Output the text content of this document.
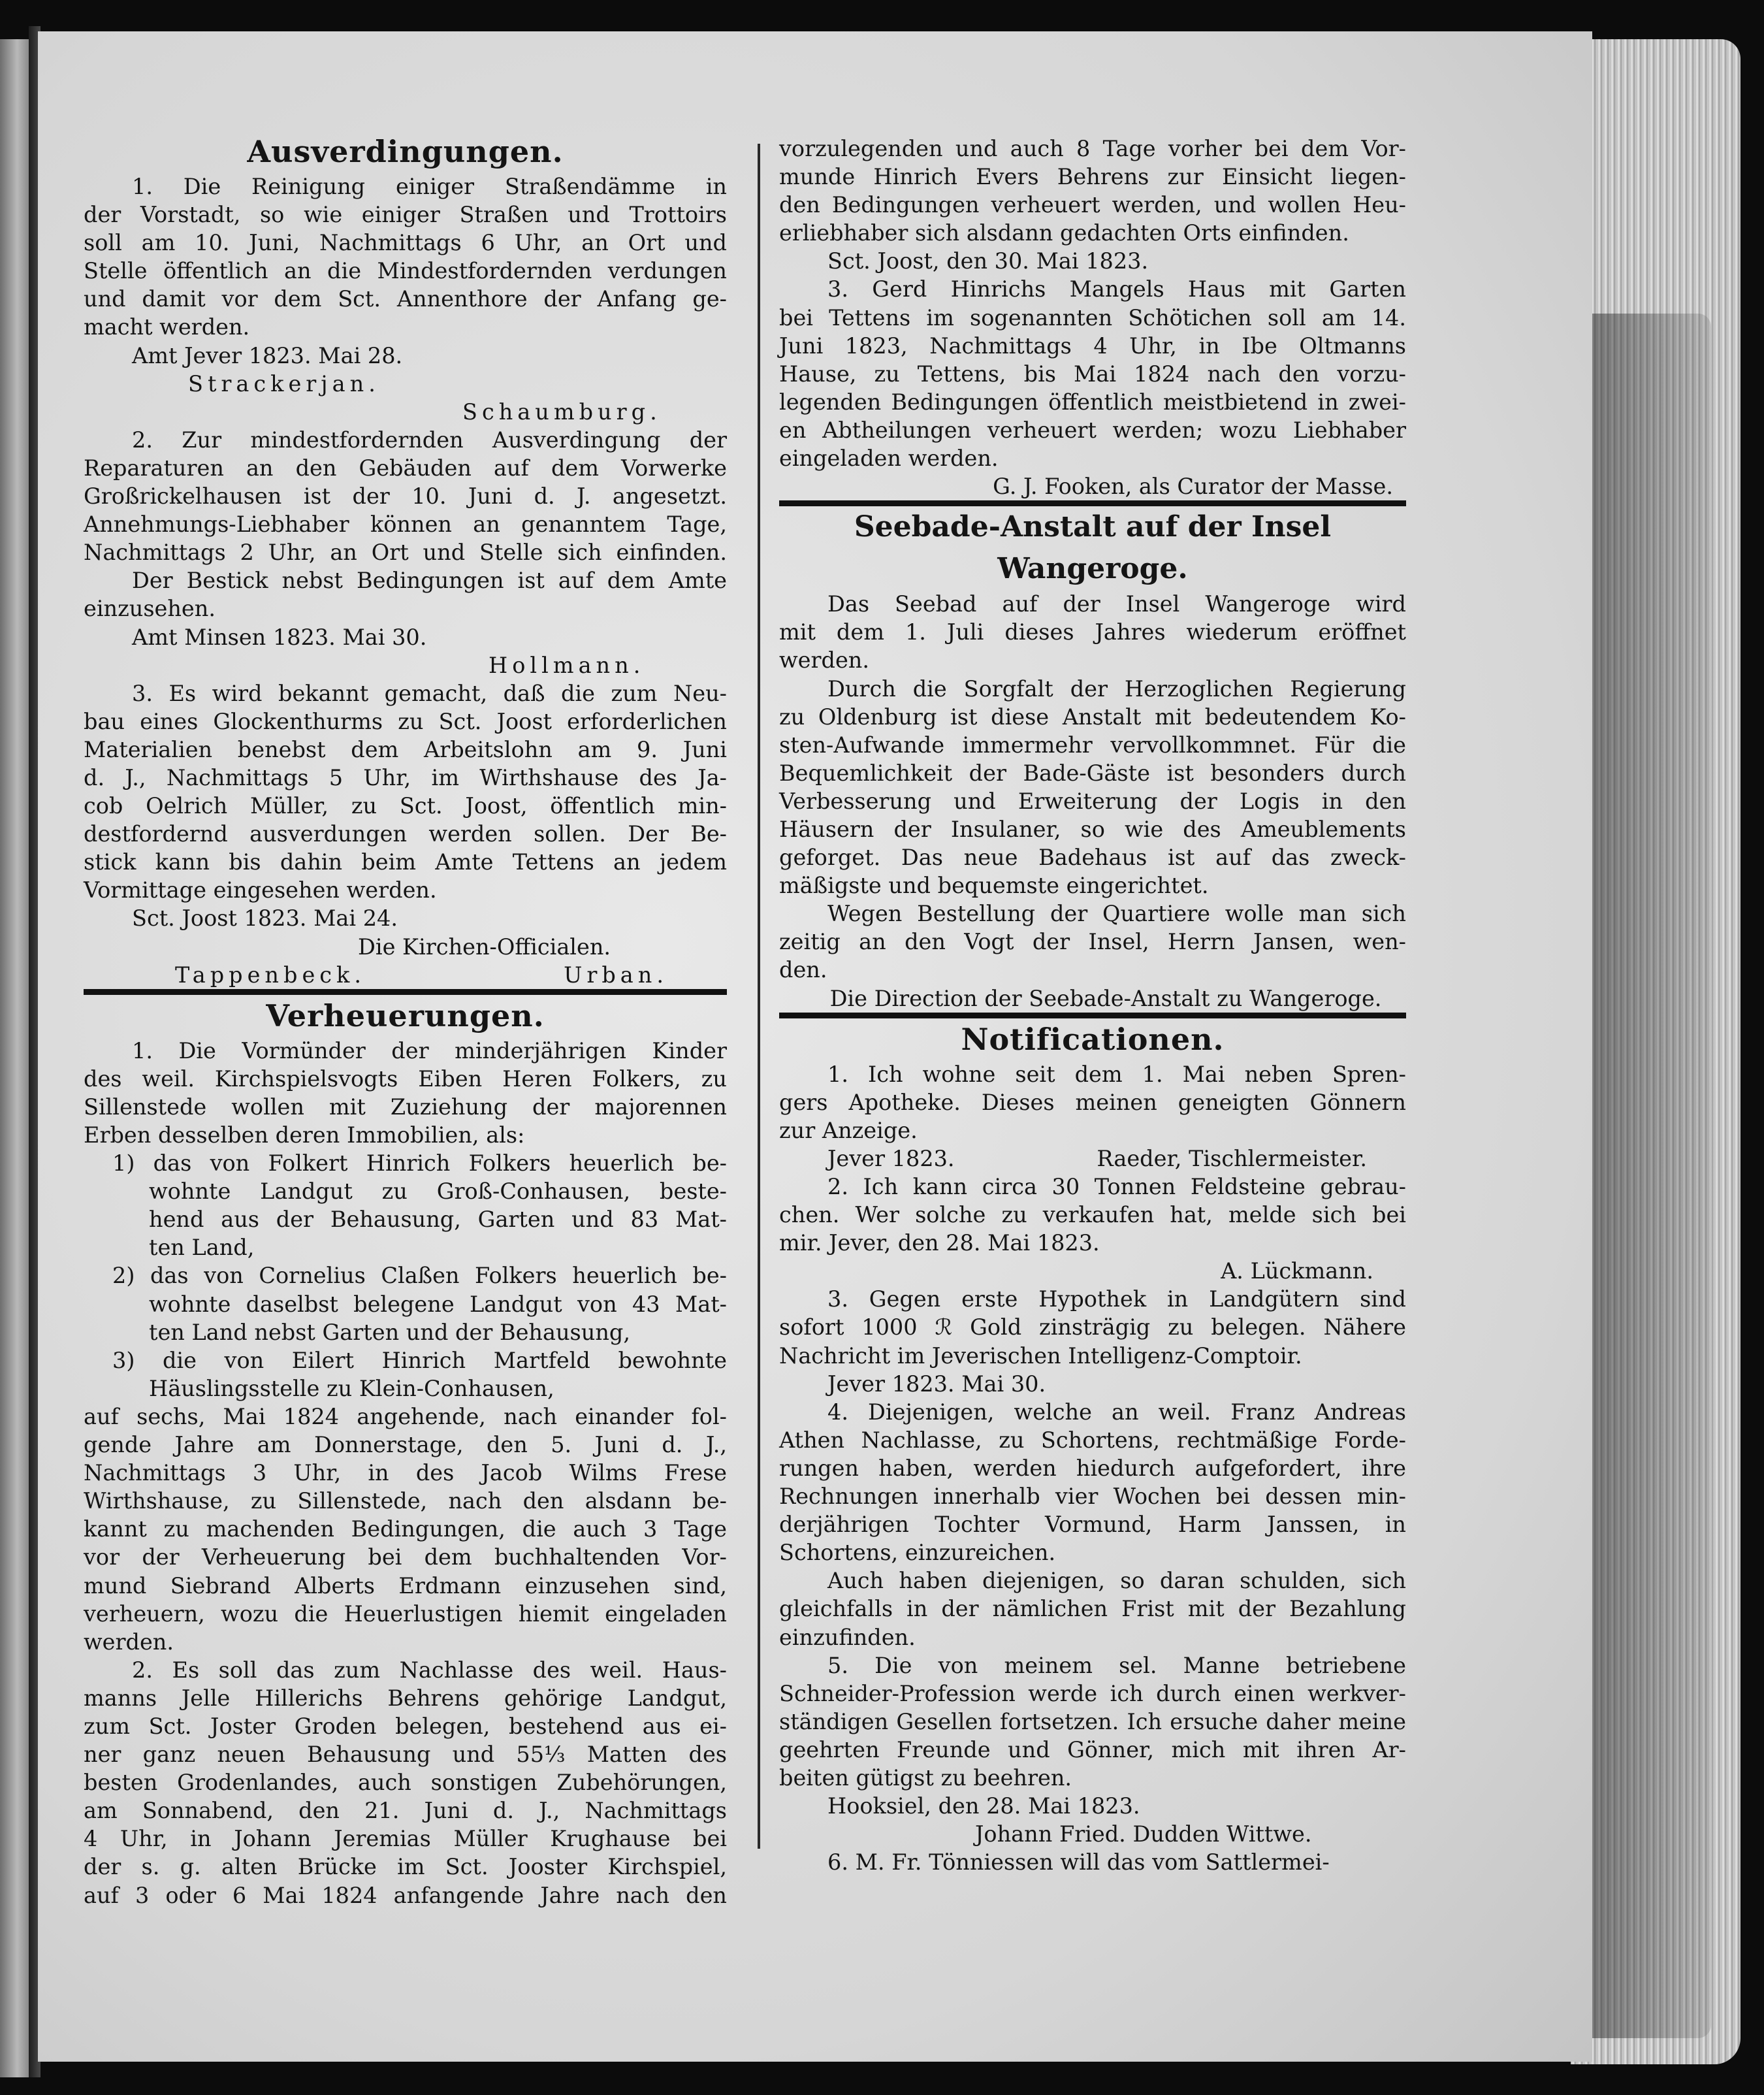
Ausverdingungen.
1. Die Reinigung einiger Straßendämme in
der Vorstadt, so wie einiger Straßen und Trottoirs
soll am 10. Juni, Nachmittags 6 Uhr, an Ort und
Stelle öffentlich an die Mindestfordernden verdungen
und damit vor dem Sct. Annenthore der Anfang ge-
macht werden.
Amt Jever 1823. Mai 28.
Strackerjan.
Schaumburg.
2. Zur mindestfordernden Ausverdingung der
Reparaturen an den Gebäuden auf dem Vorwerke
Großrickelhausen ist der 10. Juni d. J. angesetzt.
Annehmungs-Liebhaber können an genanntem Tage,
Nachmittags 2 Uhr, an Ort und Stelle sich einfinden.
Der Bestick nebst Bedingungen ist auf dem Amte
einzusehen.
Amt Minsen 1823. Mai 30.
Hollmann.
3. Es wird bekannt gemacht, daß die zum Neu-
bau eines Glockenthurms zu Sct. Joost erforderlichen
Materialien benebst dem Arbeitslohn am 9. Juni
d. J., Nachmittags 5 Uhr, im Wirthshause des Ja-
cob Oelrich Müller, zu Sct. Joost, öffentlich min-
destfordernd ausverdungen werden sollen. Der Be-
stick kann bis dahin beim Amte Tettens an jedem
Vormittage eingesehen werden.
Sct. Joost 1823. Mai 24.
Die Kirchen-Officialen.
Tappenbeck.	Urban.
Verheuerungen.
1. Die Vormünder der minderjährigen Kinder
des weil. Kirchspielsvogts Eiben Heren Folkers, zu
Sillenstede wollen mit Zuziehung der majorennen
Erben desselben deren Immobilien, als:
1) das von Folkert Hinrich Folkers heuerlich be-
wohnte Landgut zu Groß-Conhausen, beste-
hend aus der Behausung, Garten und 83 Mat-
ten Land,
2) das von Cornelius Claßen Folkers heuerlich be-
wohnte daselbst belegene Landgut von 43 Mat-
ten Land nebst Garten und der Behausung,
3) die von Eilert Hinrich Martfeld bewohnte
Häuslingsstelle zu Klein-Conhausen,
auf sechs, Mai 1824 angehende, nach einander fol-
gende Jahre am Donnerstage, den 5. Juni d. J.,
Nachmittags 3 Uhr, in des Jacob Wilms Frese
Wirthshause, zu Sillenstede, nach den alsdann be-
kannt zu machenden Bedingungen, die auch 3 Tage
vor der Verheuerung bei dem buchhaltenden Vor-
mund Siebrand Alberts Erdmann einzusehen sind,
verheuern, wozu die Heuerlustigen hiemit eingeladen
werden.
2. Es soll das zum Nachlasse des weil. Haus-
manns Jelle Hillerichs Behrens gehörige Landgut,
zum Sct. Joster Groden belegen, bestehend aus ei-
ner ganz neuen Behausung und 55⅓ Matten des
besten Grodenlandes, auch sonstigen Zubehörungen,
am Sonnabend, den 21. Juni d. J., Nachmittags
4 Uhr, in Johann Jeremias Müller Krughause bei
der s. g. alten Brücke im Sct. Jooster Kirchspiel,
auf 3 oder 6 Mai 1824 anfangende Jahre nach den
vorzulegenden und auch 8 Tage vorher bei dem Vor-
munde Hinrich Evers Behrens zur Einsicht liegen-
den Bedingungen verheuert werden, und wollen Heu-
erliebhaber sich alsdann gedachten Orts einfinden.
Sct. Joost, den 30. Mai 1823.
3. Gerd Hinrichs Mangels Haus mit Garten
bei Tettens im sogenannten Schötichen soll am 14.
Juni 1823, Nachmittags 4 Uhr, in Ibe Oltmanns
Hause, zu Tettens, bis Mai 1824 nach den vorzu-
legenden Bedingungen öffentlich meistbietend in zwei-
en Abtheilungen verheuert werden; wozu Liebhaber
eingeladen werden.
G. J. Fooken, als Curator der Masse.
Seebade-Anstalt auf der Insel Wangeroge.
Das Seebad auf der Insel Wangeroge wird
mit dem 1. Juli dieses Jahres wiederum eröffnet
werden.
Durch die Sorgfalt der Herzoglichen Regierung
zu Oldenburg ist diese Anstalt mit bedeutendem Ko-
sten-Aufwande immermehr vervollkommnet. Für die
Bequemlichkeit der Bade-Gäste ist besonders durch
Verbesserung und Erweiterung der Logis in den
Häusern der Insulaner, so wie des Ameublements
geforget. Das neue Badehaus ist auf das zweck-
mäßigste und bequemste eingerichtet.
Wegen Bestellung der Quartiere wolle man sich
zeitig an den Vogt der Insel, Herrn Jansen, wen-
den.
Die Direction der Seebade-Anstalt zu Wangeroge.
Notificationen.
1. Ich wohne seit dem 1. Mai neben Spren-
gers Apotheke. Dieses meinen geneigten Gönnern
zur Anzeige.
Jever 1823.	Raeder, Tischlermeister.
2. Ich kann circa 30 Tonnen Feldsteine gebrau-
chen. Wer solche zu verkaufen hat, melde sich bei
mir. Jever, den 28. Mai 1823.
A. Lückmann.
3. Gegen erste Hypothek in Landgütern sind
sofort 1000 ℛ Gold zinsträgig zu belegen. Nähere
Nachricht im Jeverischen Intelligenz-Comptoir.
Jever 1823. Mai 30.
4. Diejenigen, welche an weil. Franz Andreas
Athen Nachlasse, zu Schortens, rechtmäßige Forde-
rungen haben, werden hiedurch aufgefordert, ihre
Rechnungen innerhalb vier Wochen bei dessen min-
derjährigen Tochter Vormund, Harm Janssen, in
Schortens, einzureichen.
Auch haben diejenigen, so daran schulden, sich
gleichfalls in der nämlichen Frist mit der Bezahlung
einzufinden.
5. Die von meinem sel. Manne betriebene
Schneider-Profession werde ich durch einen werkver-
ständigen Gesellen fortsetzen. Ich ersuche daher meine
geehrten Freunde und Gönner, mich mit ihren Ar-
beiten gütigst zu beehren.
Hooksiel, den 28. Mai 1823.
Johann Fried. Dudden Wittwe.
6. M. Fr. Tönniessen will das vom Sattlermei-
